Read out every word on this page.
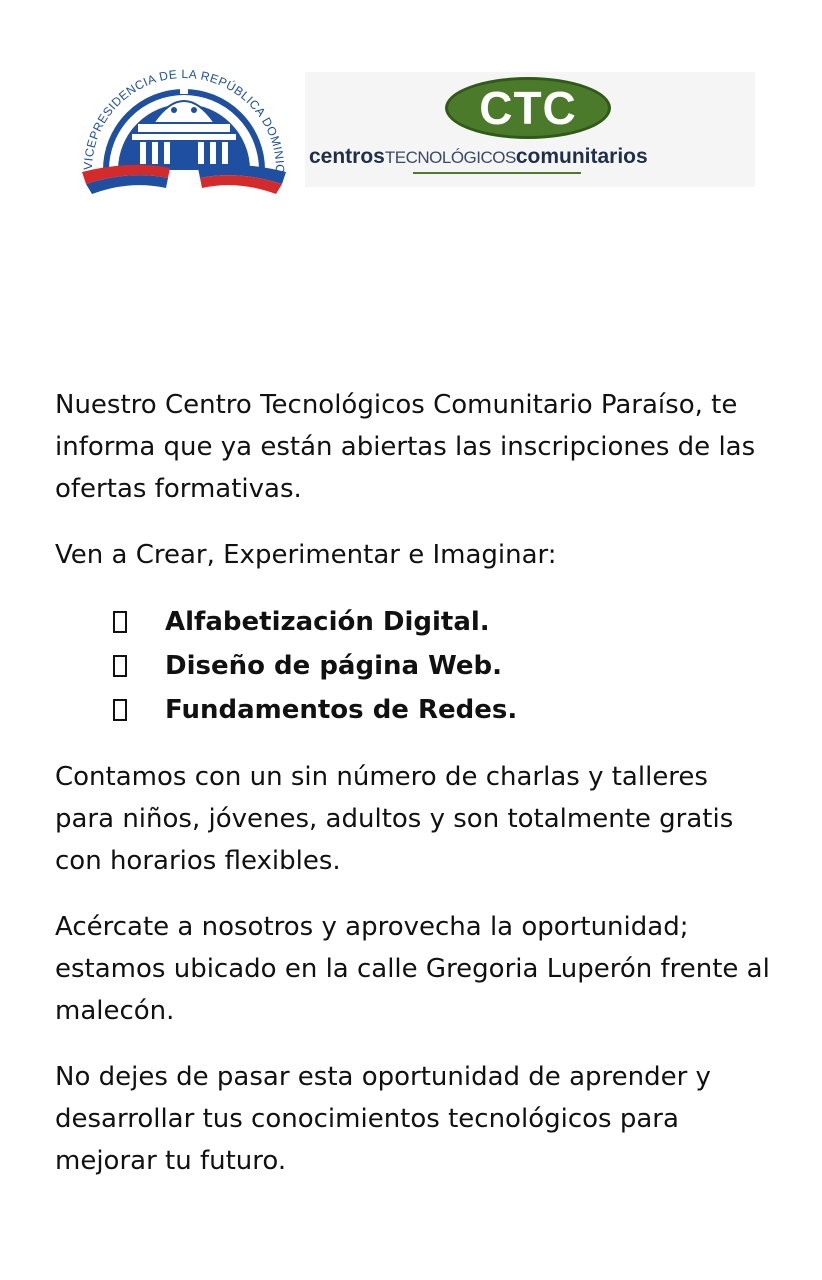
VICEPRESIDENCIA DE LA REPÚBLICA DOMINIC
CTC
centrosTECNOLÓGICOScomunitarios

Nuestro Centro Tecnológicos Comunitario Paraíso, te informa que ya están abiertas las inscripciones de las ofertas formativas.

Ven a Crear, Experimentar e Imaginar:

Alfabetización Digital.
Diseño de página Web.
Fundamentos de Redes.

Contamos con un sin número de charlas y talleres para niños, jóvenes, adultos y son totalmente gratis con horarios flexibles.

Acércate a nosotros y aprovecha la oportunidad; estamos ubicado en la calle Gregoria Luperón frente al malecón.

No dejes de pasar esta oportunidad de aprender y desarrollar tus conocimientos tecnológicos para mejorar tu futuro.
